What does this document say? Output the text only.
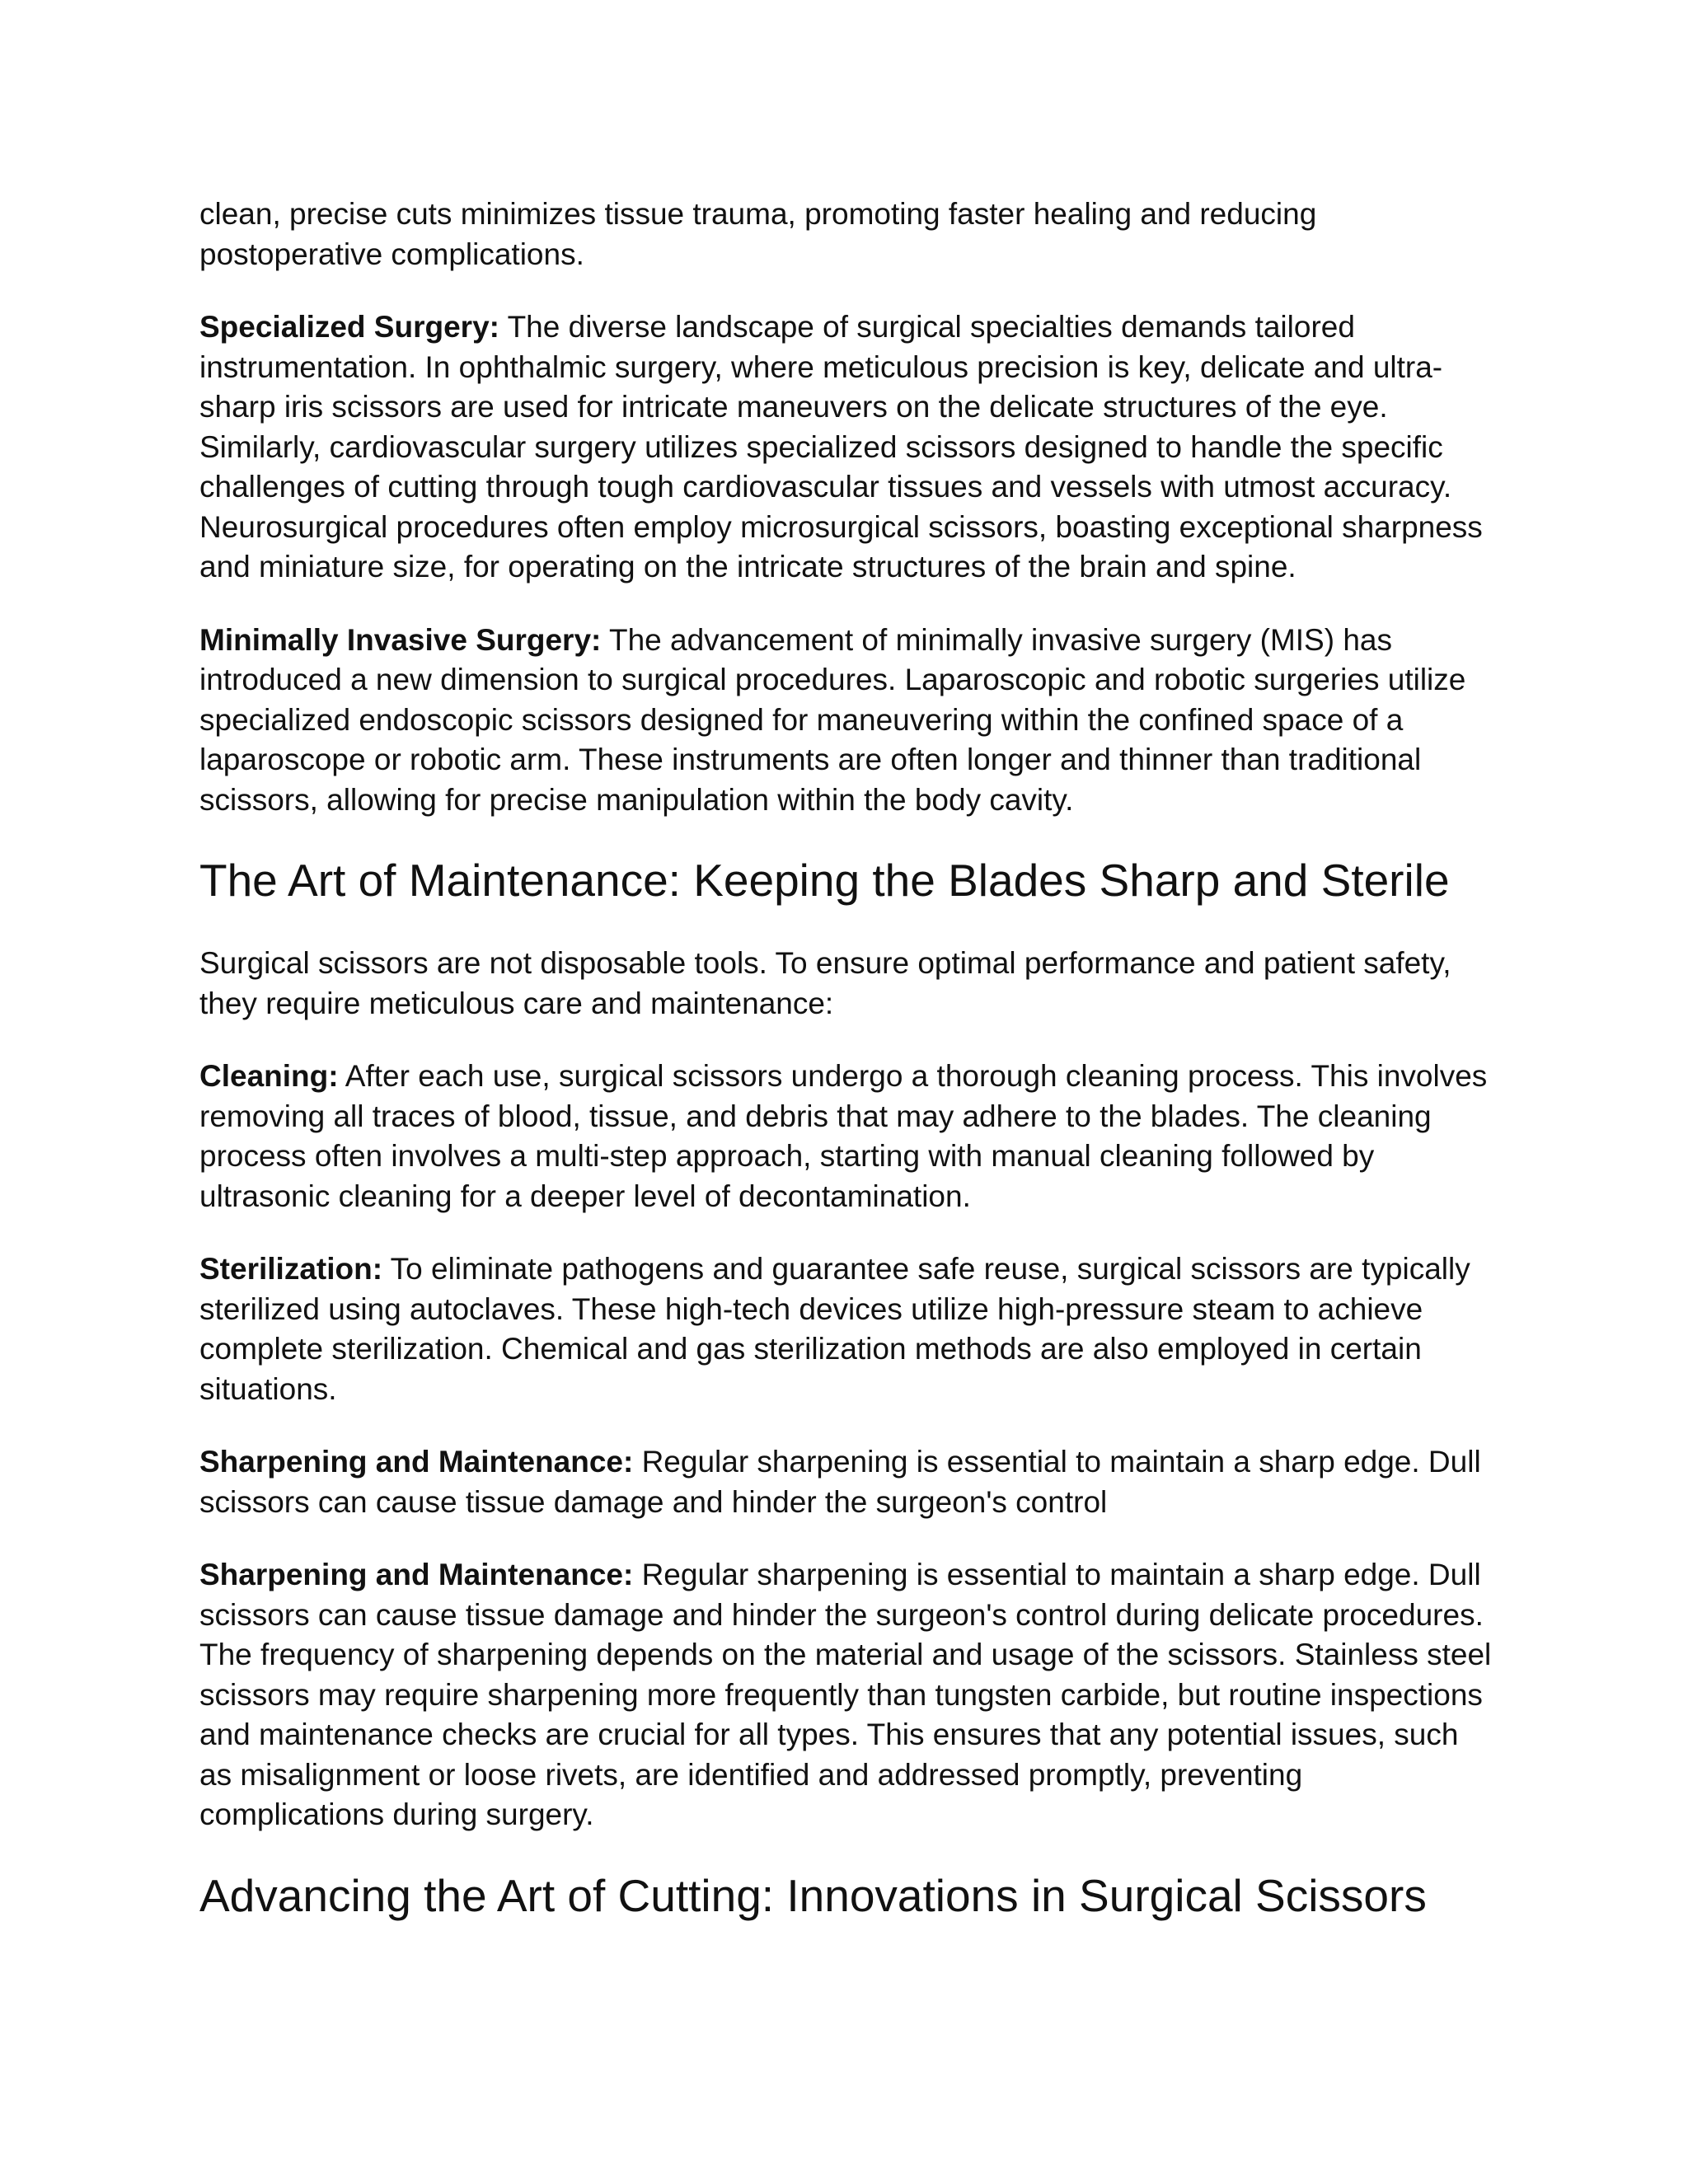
clean, precise cuts minimizes tissue trauma, promoting faster healing and reducing postoperative complications.

Specialized Surgery: The diverse landscape of surgical specialties demands tailored instrumentation. In ophthalmic surgery, where meticulous precision is key, delicate and ultra-sharp iris scissors are used for intricate maneuvers on the delicate structures of the eye. Similarly, cardiovascular surgery utilizes specialized scissors designed to handle the specific challenges of cutting through tough cardiovascular tissues and vessels with utmost accuracy. Neurosurgical procedures often employ microsurgical scissors, boasting exceptional sharpness and miniature size, for operating on the intricate structures of the brain and spine.

Minimally Invasive Surgery: The advancement of minimally invasive surgery (MIS) has introduced a new dimension to surgical procedures. Laparoscopic and robotic surgeries utilize specialized endoscopic scissors designed for maneuvering within the confined space of a laparoscope or robotic arm. These instruments are often longer and thinner than traditional scissors, allowing for precise manipulation within the body cavity.

The Art of Maintenance: Keeping the Blades Sharp and Sterile

Surgical scissors are not disposable tools. To ensure optimal performance and patient safety, they require meticulous care and maintenance:

Cleaning: After each use, surgical scissors undergo a thorough cleaning process. This involves removing all traces of blood, tissue, and debris that may adhere to the blades. The cleaning process often involves a multi-step approach, starting with manual cleaning followed by ultrasonic cleaning for a deeper level of decontamination.

Sterilization: To eliminate pathogens and guarantee safe reuse, surgical scissors are typically sterilized using autoclaves. These high-tech devices utilize high-pressure steam to achieve complete sterilization. Chemical and gas sterilization methods are also employed in certain situations.

Sharpening and Maintenance: Regular sharpening is essential to maintain a sharp edge. Dull scissors can cause tissue damage and hinder the surgeon's control

Sharpening and Maintenance: Regular sharpening is essential to maintain a sharp edge. Dull scissors can cause tissue damage and hinder the surgeon's control during delicate procedures. The frequency of sharpening depends on the material and usage of the scissors. Stainless steel scissors may require sharpening more frequently than tungsten carbide, but routine inspections and maintenance checks are crucial for all types. This ensures that any potential issues, such as misalignment or loose rivets, are identified and addressed promptly, preventing complications during surgery.

Advancing the Art of Cutting: Innovations in Surgical Scissors
